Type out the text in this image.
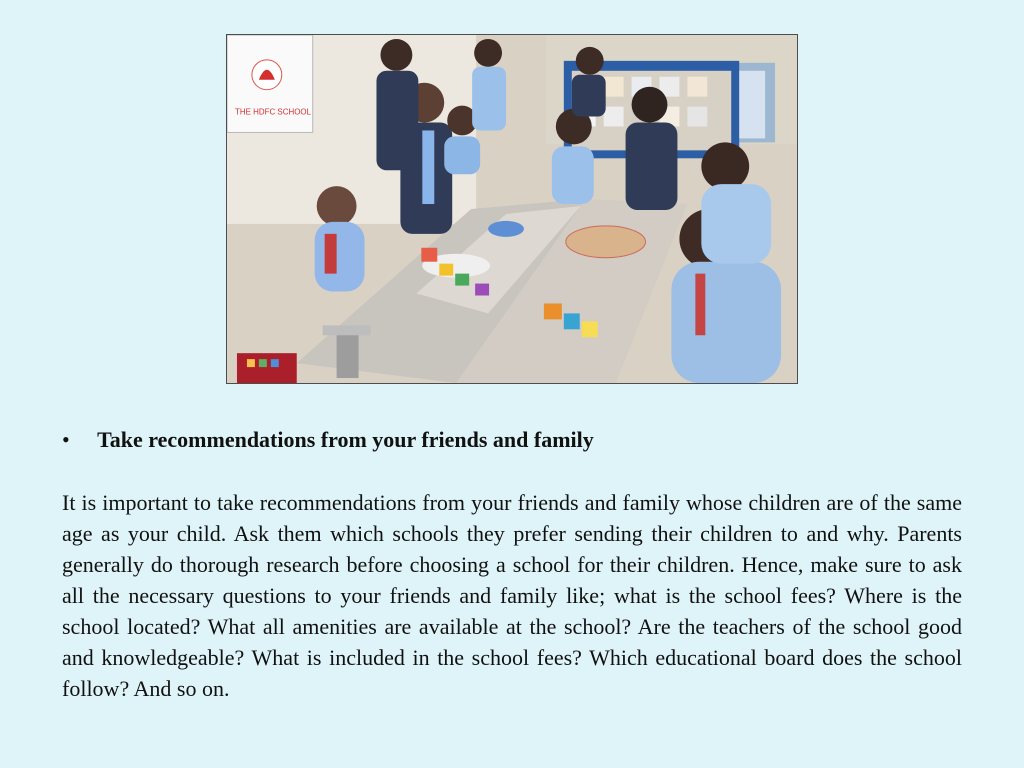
THE HDFC SCHOOL
• Take recommendations from your friends and family

It is important to take recommendations from your friends and family whose children are of the same age as your child. Ask them which schools they prefer sending their children to and why. Parents generally do thorough research before choosing a school for their children. Hence, make sure to ask all the necessary questions to your friends and family like; what is the school fees? Where is the school located? What all amenities are available at the school? Are the teachers of the school good and knowledgeable? What is included in the school fees? Which educational board does the school follow? And so on.
